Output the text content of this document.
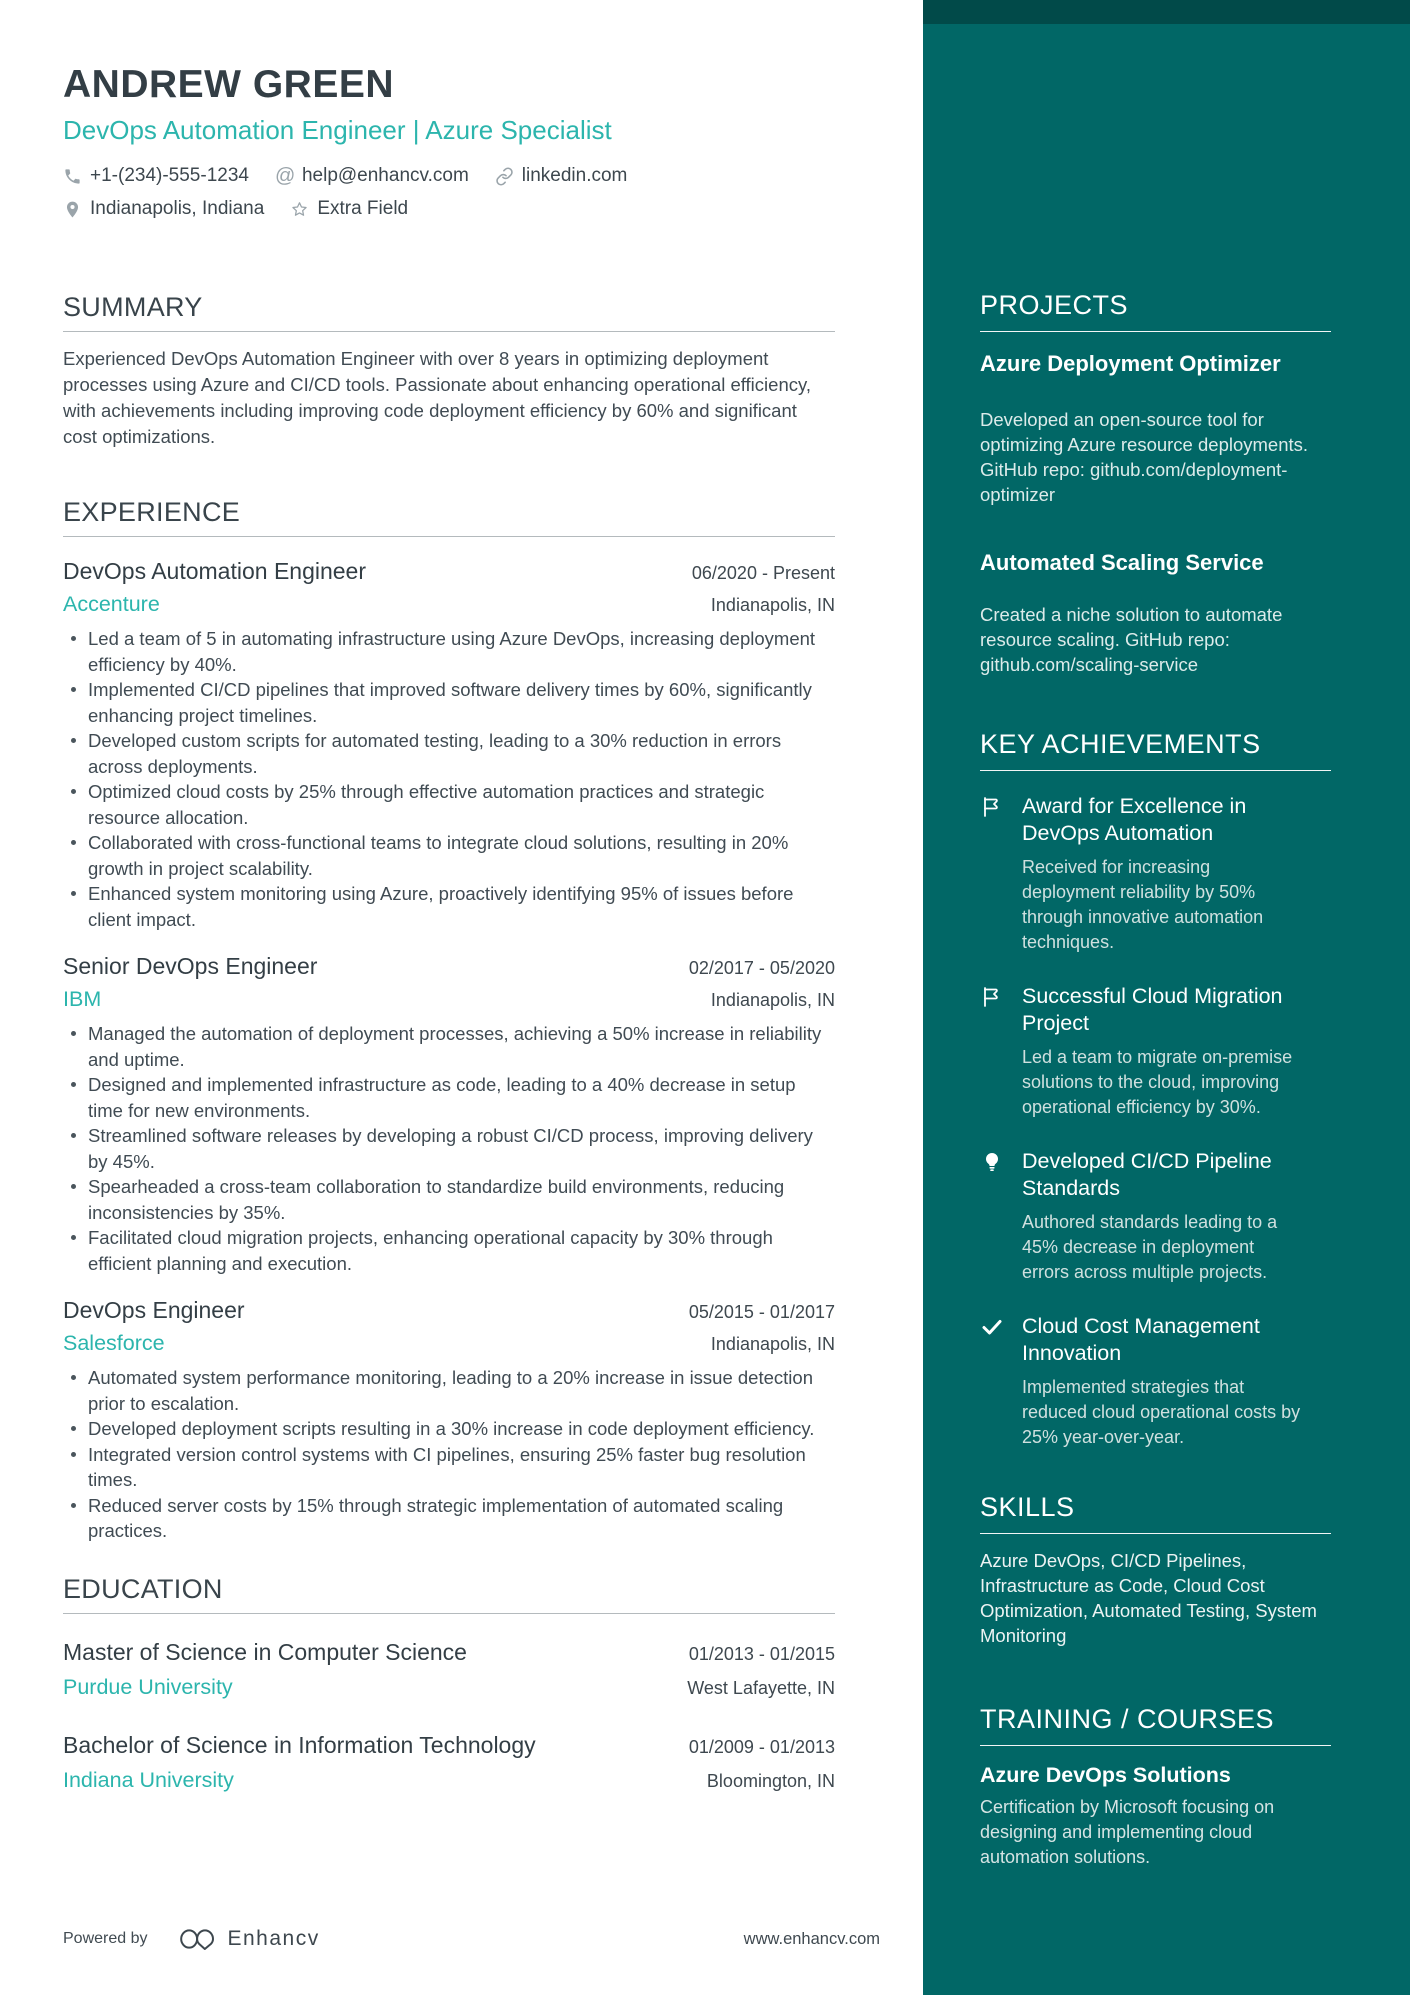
ANDREW GREEN
DevOps Automation Engineer | Azure Specialist
+1-(234)-555-1234 @ help@enhancv.com	linkedin.com
Indianapolis, Indiana	Extra Field
SUMMARY

Experienced DevOps Automation Engineer with over 8 years in optimizing deployment processes using Azure and CI/CD tools. Passionate about enhancing operational efficiency, with achievements including improving code deployment efficiency by 60% and significant cost optimizations.

EXPERIENCE
DevOps Automation Engineer	06/2020 - Present
Accenture	Indianapolis, IN
Led a team of 5 in automating infrastructure using Azure DevOps, increasing deployment efficiency by 40%.
Implemented CI/CD pipelines that improved software delivery times by 60%, significantly enhancing project timelines.
Developed custom scripts for automated testing, leading to a 30% reduction in errors across deployments.
Optimized cloud costs by 25% through effective automation practices and strategic resource allocation.
Collaborated with cross-functional teams to integrate cloud solutions, resulting in 20% growth in project scalability.
Enhanced system monitoring using Azure, proactively identifying 95% of issues before client impact.
Senior DevOps Engineer	02/2017 - 05/2020
IBM	Indianapolis, IN
Managed the automation of deployment processes, achieving a 50% increase in reliability and uptime.
Designed and implemented infrastructure as code, leading to a 40% decrease in setup time for new environments.
Streamlined software releases by developing a robust CI/CD process, improving delivery by 45%.
Spearheaded a cross-team collaboration to standardize build environments, reducing inconsistencies by 35%.
Facilitated cloud migration projects, enhancing operational capacity by 30% through efficient planning and execution.
DevOps Engineer	05/2015 - 01/2017
Salesforce	Indianapolis, IN
Automated system performance monitoring, leading to a 20% increase in issue detection prior to escalation.
Developed deployment scripts resulting in a 30% increase in code deployment efficiency.
Integrated version control systems with CI pipelines, ensuring 25% faster bug resolution times.
Reduced server costs by 15% through strategic implementation of automated scaling practices.
EDUCATION
Master of Science in Computer Science	01/2013 - 01/2015
Purdue University	West Lafayette, IN
Bachelor of Science in Information Technology	01/2009 - 01/2013
Indiana University	Bloomington, IN
Powered by	Enhancv	www.enhancv.com
PROJECTS
Azure Deployment Optimizer
Developed an open-source tool for optimizing Azure resource deployments. GitHub repo: github.com/deployment-optimizer
Automated Scaling Service
Created a niche solution to automate resource scaling. GitHub repo: github.com/scaling-service
KEY ACHIEVEMENTS
Award for Excellence in DevOps Automation
Received for increasing deployment reliability by 50% through innovative automation techniques.
Successful Cloud Migration Project
Led a team to migrate on-premise solutions to the cloud, improving operational efficiency by 30%.
Developed CI/CD Pipeline Standards
Authored standards leading to a 45% decrease in deployment errors across multiple projects.
Cloud Cost Management Innovation
Implemented strategies that reduced cloud operational costs by 25% year-over-year.
SKILLS
Azure DevOps, CI/CD Pipelines, Infrastructure as Code, Cloud Cost Optimization, Automated Testing, System Monitoring
TRAINING / COURSES
Azure DevOps Solutions
Certification by Microsoft focusing on designing and implementing cloud automation solutions.
